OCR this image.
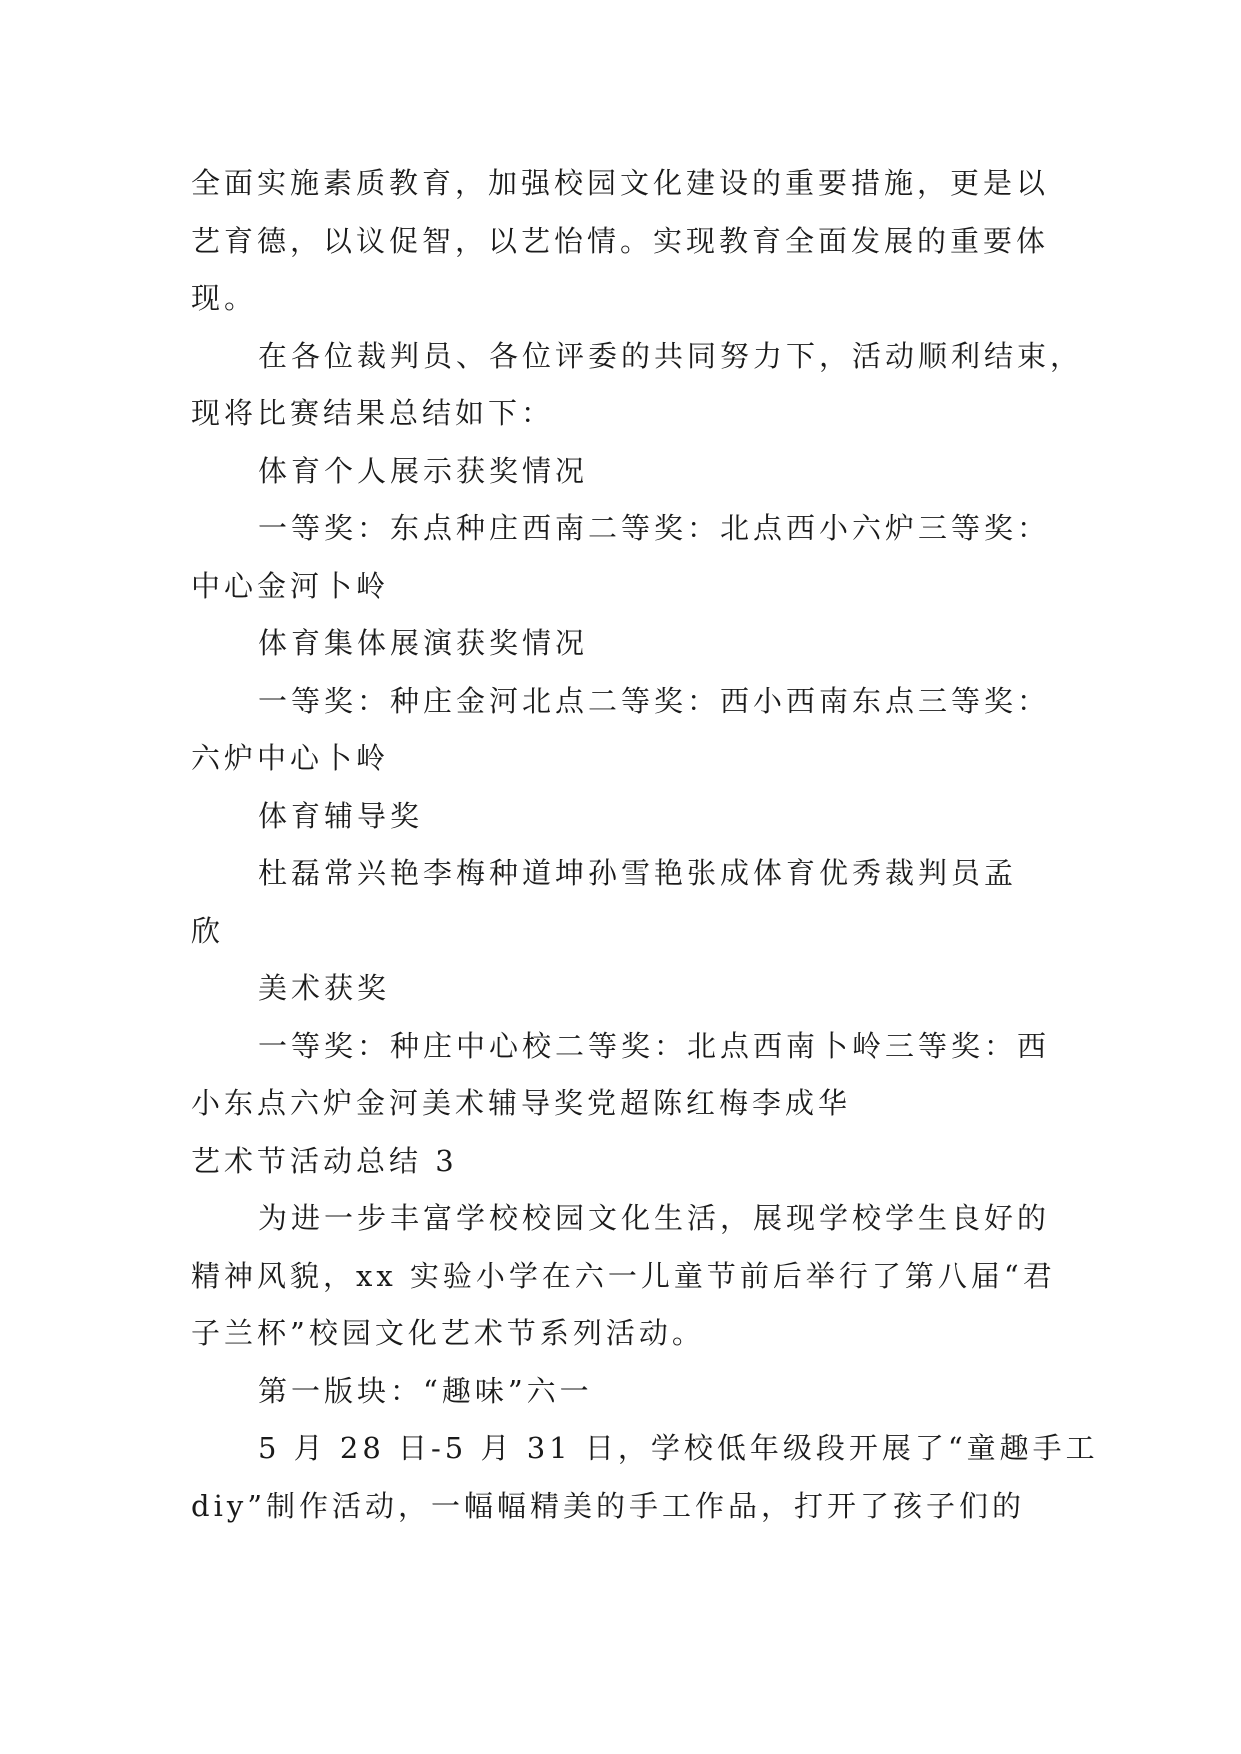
全面实施素质教育，加强校园文化建设的重要措施，更是以
艺育德，以议促智，以艺怡情。实现教育全面发展的重要体
现。
在各位裁判员、各位评委的共同努力下，活动顺利结束，
现将比赛结果总结如下：
体育个人展示获奖情况
一等奖：东点种庄西南二等奖：北点西小六炉三等奖：
中心金河卜岭
体育集体展演获奖情况
一等奖：种庄金河北点二等奖：西小西南东点三等奖：
六炉中心卜岭
体育辅导奖
杜磊常兴艳李梅种道坤孙雪艳张成体育优秀裁判员孟
欣
美术获奖
一等奖：种庄中心校二等奖：北点西南卜岭三等奖：西
小东点六炉金河美术辅导奖党超陈红梅李成华
艺术节活动总结 3
为进一步丰富学校校园文化生活，展现学校学生良好的
精神风貌，xx 实验小学在六一儿童节前后举行了第八届“君
子兰杯”校园文化艺术节系列活动。
第一版块：“趣味”六一
5 月 28 日-5 月 31 日，学校低年级段开展了“童趣手工
diy”制作活动，一幅幅精美的手工作品，打开了孩子们的
